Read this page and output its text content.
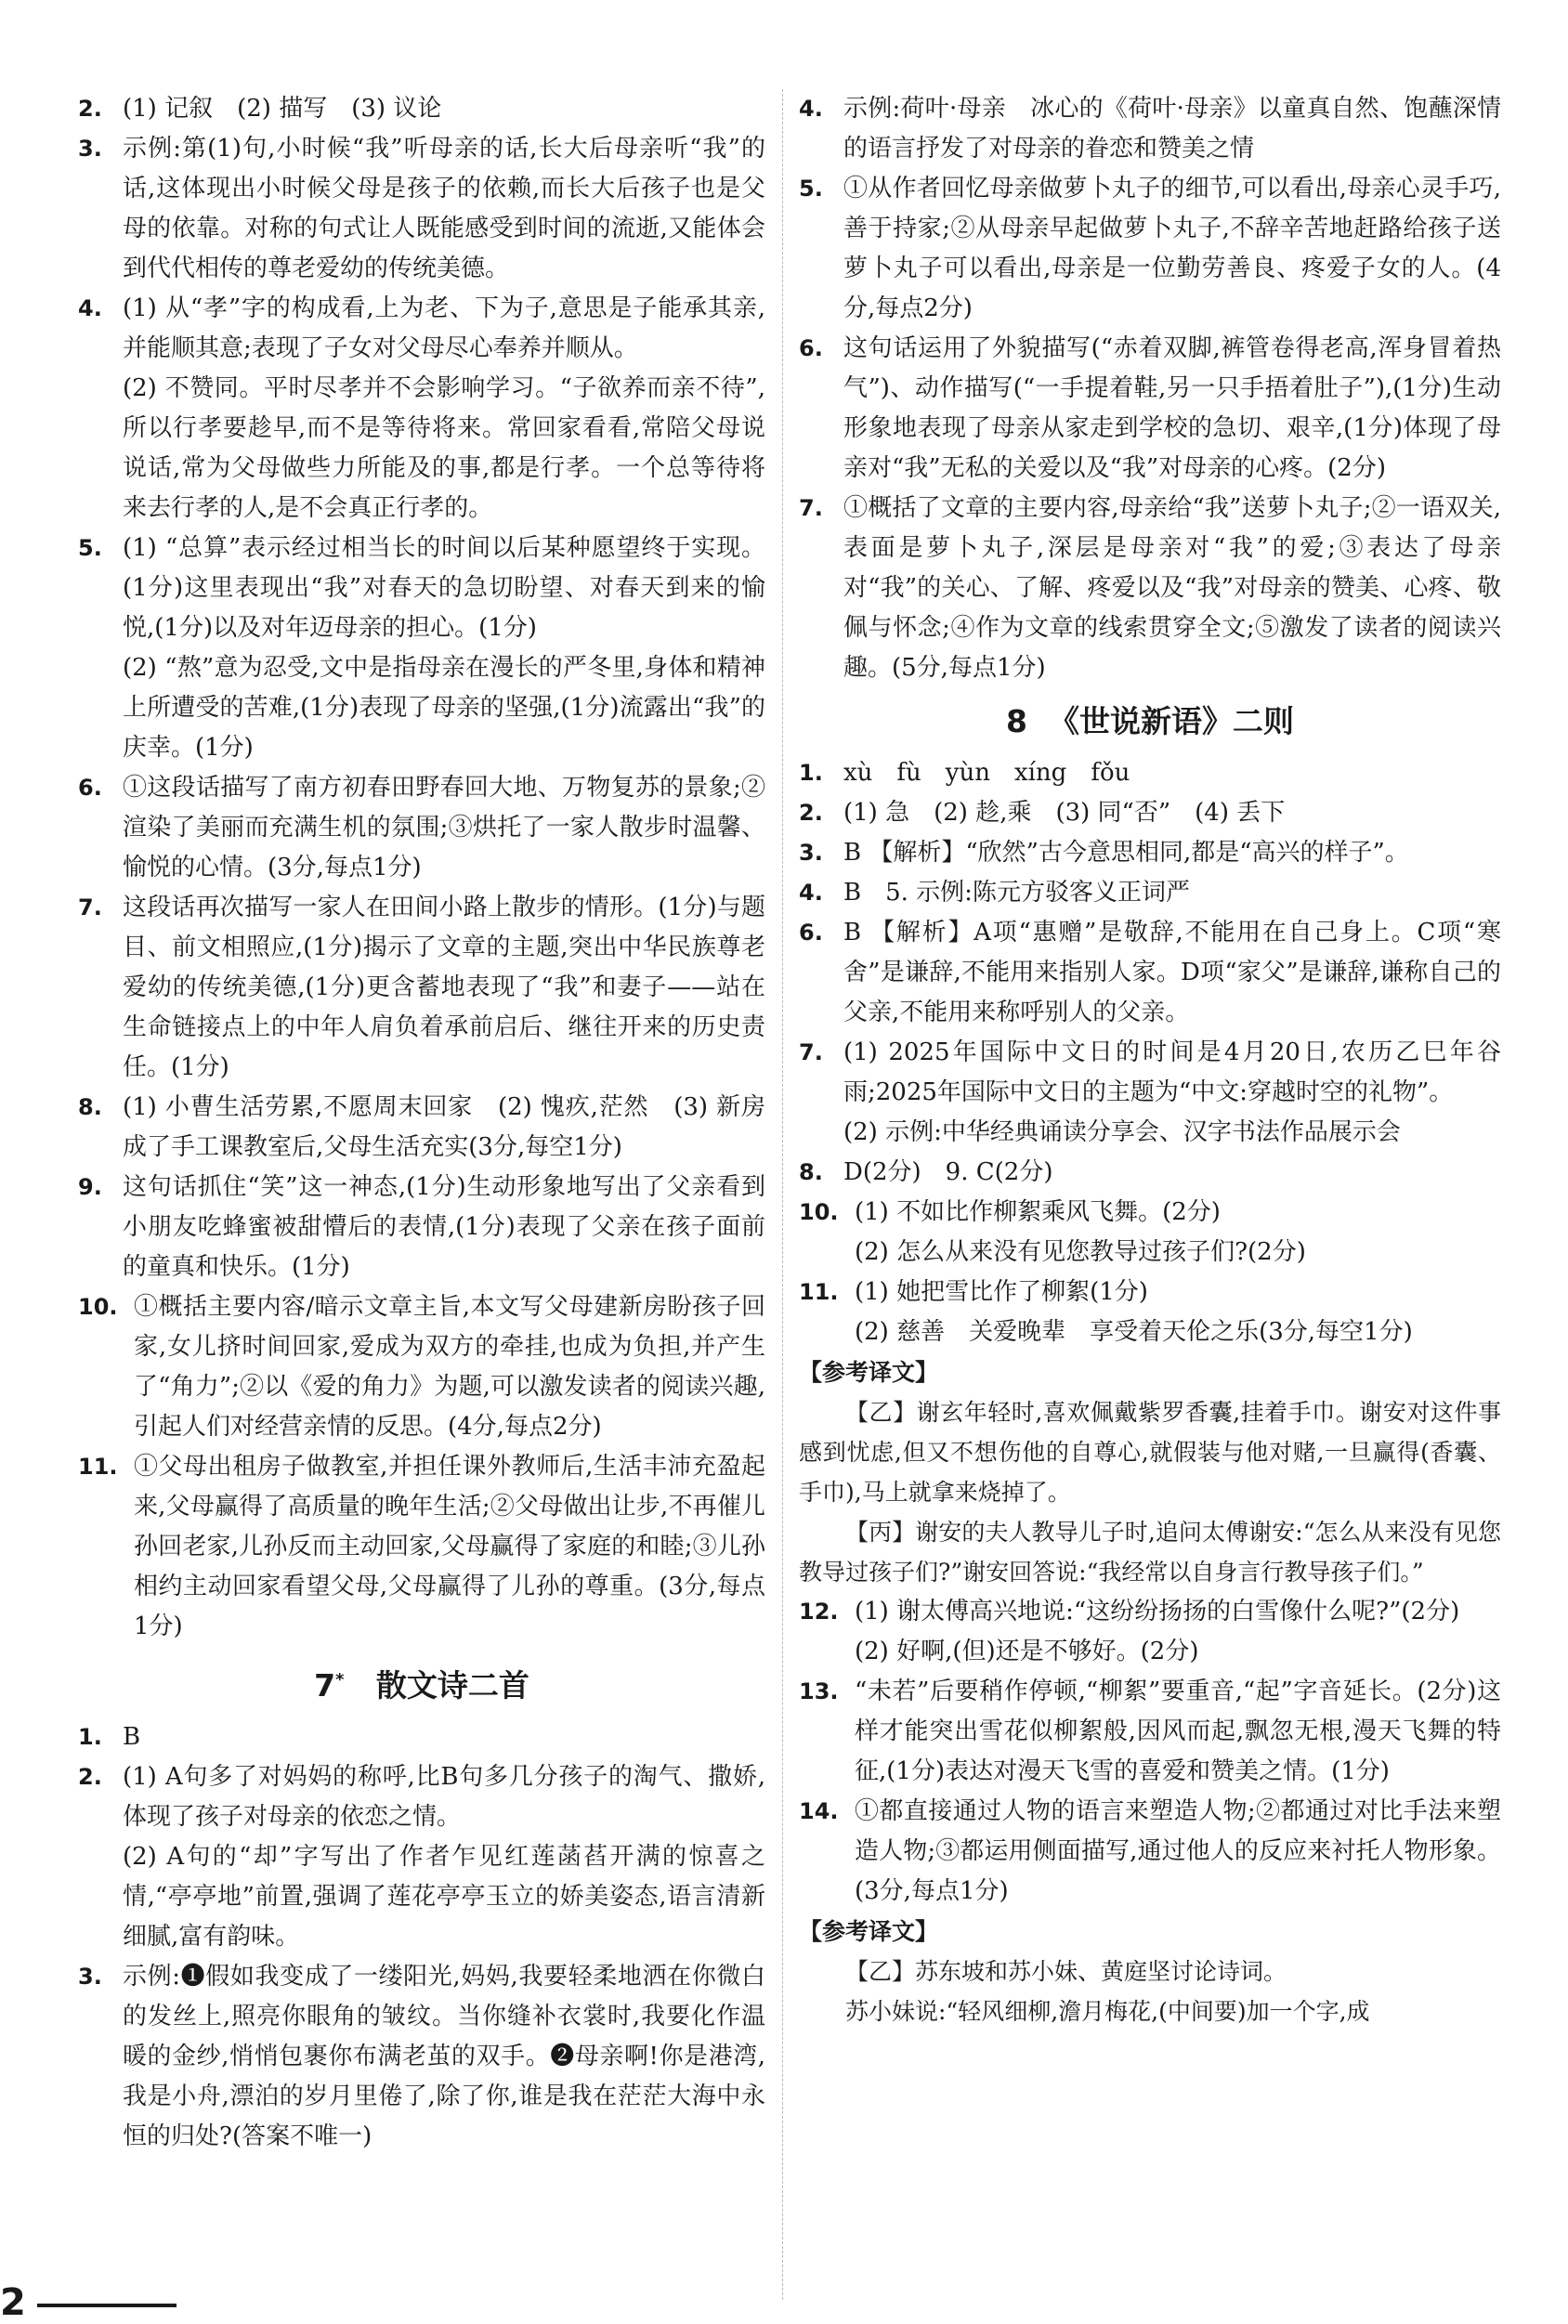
2. (1) 记叙　(2) 描写　(3) 议论

3. 示例:第(1)句,小时候“我”听母亲的话,长大后母亲听“我”的话,这体现出小时候父母是孩子的依赖,而长大后孩子也是父母的依靠。对称的句式让人既能感受到时间的流逝,又能体会到代代相传的尊老爱幼的传统美德。

4. (1) 从“孝”字的构成看,上为老、下为子,意思是子能承其亲,并能顺其意;表现了子女对父母尽心奉养并顺从。

(2) 不赞同。平时尽孝并不会影响学习。“子欲养而亲不待”,所以行孝要趁早,而不是等待将来。常回家看看,常陪父母说说话,常为父母做些力所能及的事,都是行孝。一个总等待将来去行孝的人,是不会真正行孝的。

5. (1) “总算”表示经过相当长的时间以后某种愿望终于实现。(1分)这里表现出“我”对春天的急切盼望、对春天到来的愉悦,(1分)以及对年迈母亲的担心。(1分)

(2) “熬”意为忍受,文中是指母亲在漫长的严冬里,身体和精神上所遭受的苦难,(1分)表现了母亲的坚强,(1分)流露出“我”的庆幸。(1分)

6. ①这段话描写了南方初春田野春回大地、万物复苏的景象;②渲染了美丽而充满生机的氛围;③烘托了一家人散步时温馨、愉悦的心情。(3分,每点1分)

7. 这段话再次描写一家人在田间小路上散步的情形。(1分)与题目、前文相照应,(1分)揭示了文章的主题,突出中华民族尊老爱幼的传统美德,(1分)更含蓄地表现了“我”和妻子——站在生命链接点上的中年人肩负着承前启后、继往开来的历史责任。(1分)

8. (1) 小曹生活劳累,不愿周末回家　(2) 愧疚,茫然　(3) 新房成了手工课教室后,父母生活充实(3分,每空1分)

9. 这句话抓住“笑”这一神态,(1分)生动形象地写出了父亲看到小朋友吃蜂蜜被甜懵后的表情,(1分)表现了父亲在孩子面前的童真和快乐。(1分)

10. ①概括主要内容/暗示文章主旨,本文写父母建新房盼孩子回家,女儿挤时间回家,爱成为双方的牵挂,也成为负担,并产生了“角力”;②以《爱的角力》为题,可以激发读者的阅读兴趣,引起人们对经营亲情的反思。(4分,每点2分)

11. ①父母出租房子做教室,并担任课外教师后,生活丰沛充盈起来,父母赢得了高质量的晚年生活;②父母做出让步,不再催儿孙回老家,儿孙反而主动回家,父母赢得了家庭的和睦;③儿孙相约主动回家看望父母,父母赢得了儿孙的尊重。(3分,每点1分)

7* 散文诗二首
1. B

2. (1) A句多了对妈妈的称呼,比B句多几分孩子的淘气、撒娇,体现了孩子对母亲的依恋之情。

(2) A句的“却”字写出了作者乍见红莲菡萏开满的惊喜之情,“亭亭地”前置,强调了莲花亭亭玉立的娇美姿态,语言清新细腻,富有韵味。

3. 示例:❶假如我变成了一缕阳光,妈妈,我要轻柔地洒在你微白的发丝上,照亮你眼角的皱纹。当你缝补衣裳时,我要化作温暖的金纱,悄悄包裹你布满老茧的双手。❷母亲啊!你是港湾,我是小舟,漂泊的岁月里倦了,除了你,谁是我在茫茫大海中永恒的归处?(答案不唯一)

4. 示例:荷叶·母亲　冰心的《荷叶·母亲》以童真自然、饱蘸深情的语言抒发了对母亲的眷恋和赞美之情

5. ①从作者回忆母亲做萝卜丸子的细节,可以看出,母亲心灵手巧,善于持家;②从母亲早起做萝卜丸子,不辞辛苦地赶路给孩子送萝卜丸子可以看出,母亲是一位勤劳善良、疼爱子女的人。(4分,每点2分)

6. 这句话运用了外貌描写(“赤着双脚,裤管卷得老高,浑身冒着热气”)、动作描写(“一手提着鞋,另一只手捂着肚子”),(1分)生动形象地表现了母亲从家走到学校的急切、艰辛,(1分)体现了母亲对“我”无私的关爱以及“我”对母亲的心疼。(2分)

7. ①概括了文章的主要内容,母亲给“我”送萝卜丸子;②一语双关,表面是萝卜丸子,深层是母亲对“我”的爱;③表达了母亲对“我”的关心、了解、疼爱以及“我”对母亲的赞美、心疼、敬佩与怀念;④作为文章的线索贯穿全文;⑤激发了读者的阅读兴趣。(5分,每点1分)

8 《世说新语》二则
1. xù　fù　yùn　xíng　fǒu

2. (1) 急　(2) 趁,乘　(3) 同“否”　(4) 丢下

3. B 【解析】“欣然”古今意思相同,都是“高兴的样子”。

4. B　5. 示例:陈元方驳客义正词严

6. B 【解析】A项“惠赠”是敬辞,不能用在自己身上。C项“寒舍”是谦辞,不能用来指别人家。D项“家父”是谦辞,谦称自己的父亲,不能用来称呼别人的父亲。

7. (1) 2025年国际中文日的时间是4月20日,农历乙巳年谷雨;2025年国际中文日的主题为“中文:穿越时空的礼物”。

(2) 示例:中华经典诵读分享会、汉字书法作品展示会

8. D(2分)　9. C(2分)

10. (1) 不如比作柳絮乘风飞舞。(2分)

(2) 怎么从来没有见您教导过孩子们?(2分)

11. (1) 她把雪比作了柳絮(1分)

(2) 慈善　关爱晚辈　享受着天伦之乐(3分,每空1分)

【参考译文】

【乙】谢玄年轻时,喜欢佩戴紫罗香囊,挂着手巾。谢安对这件事感到忧虑,但又不想伤他的自尊心,就假装与他对赌,一旦赢得(香囊、手巾),马上就拿来烧掉了。

【丙】谢安的夫人教导儿子时,追问太傅谢安:“怎么从来没有见您教导过孩子们?”谢安回答说:“我经常以自身言行教导孩子们。”

12. (1) 谢太傅高兴地说:“这纷纷扬扬的白雪像什么呢?”(2分)

(2) 好啊,(但)还是不够好。(2分)

13. “未若”后要稍作停顿,“柳絮”要重音,“起”字音延长。(2分)这样才能突出雪花似柳絮般,因风而起,飘忽无根,漫天飞舞的特征,(1分)表达对漫天飞雪的喜爱和赞美之情。(1分)

14. ①都直接通过人物的语言来塑造人物;②都通过对比手法来塑造人物;③都运用侧面描写,通过他人的反应来衬托人物形象。(3分,每点1分)

【参考译文】

【乙】苏东坡和苏小妹、黄庭坚讨论诗词。

苏小妹说:“轻风细柳,澹月梅花,(中间要)加一个字,成

2
